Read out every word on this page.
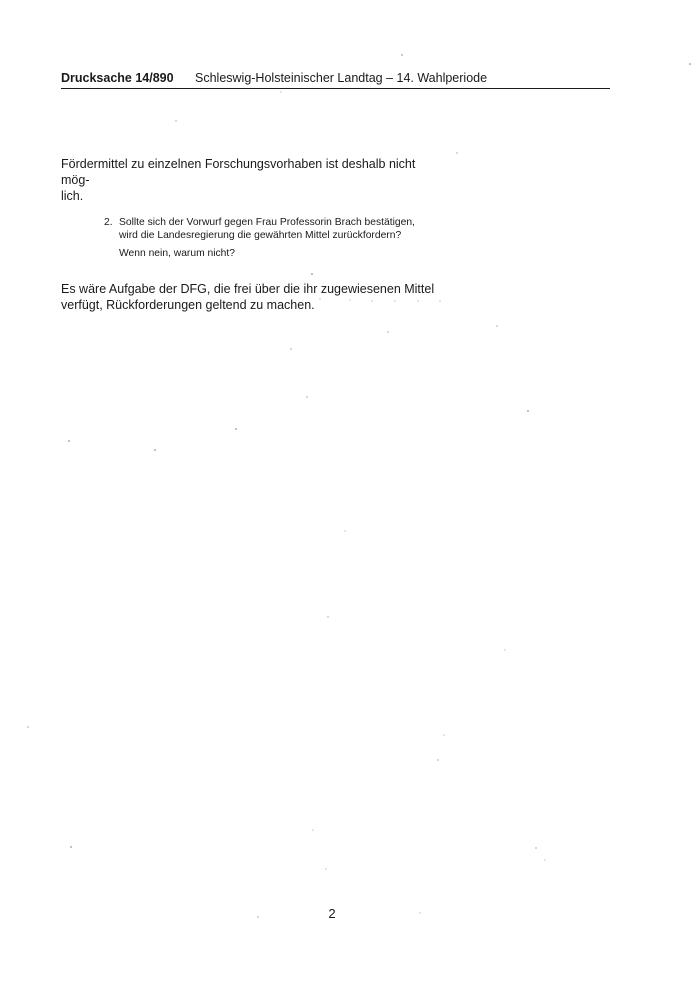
Drucksache 14/890 Schleswig-Holsteinischer Landtag – 14. Wahlperiode

Fördermittel zu einzelnen Forschungsvorhaben ist deshalb nicht mög-

lich.

2. Sollte sich der Vorwurf gegen Frau Professorin Brach bestätigen,

wird die Landesregierung die gewährten Mittel zurückfordern?

Wenn nein, warum nicht?

Es wäre Aufgabe der DFG, die frei über die ihr zugewiesenen Mittel

verfügt, Rückforderungen geltend zu machen.

2
